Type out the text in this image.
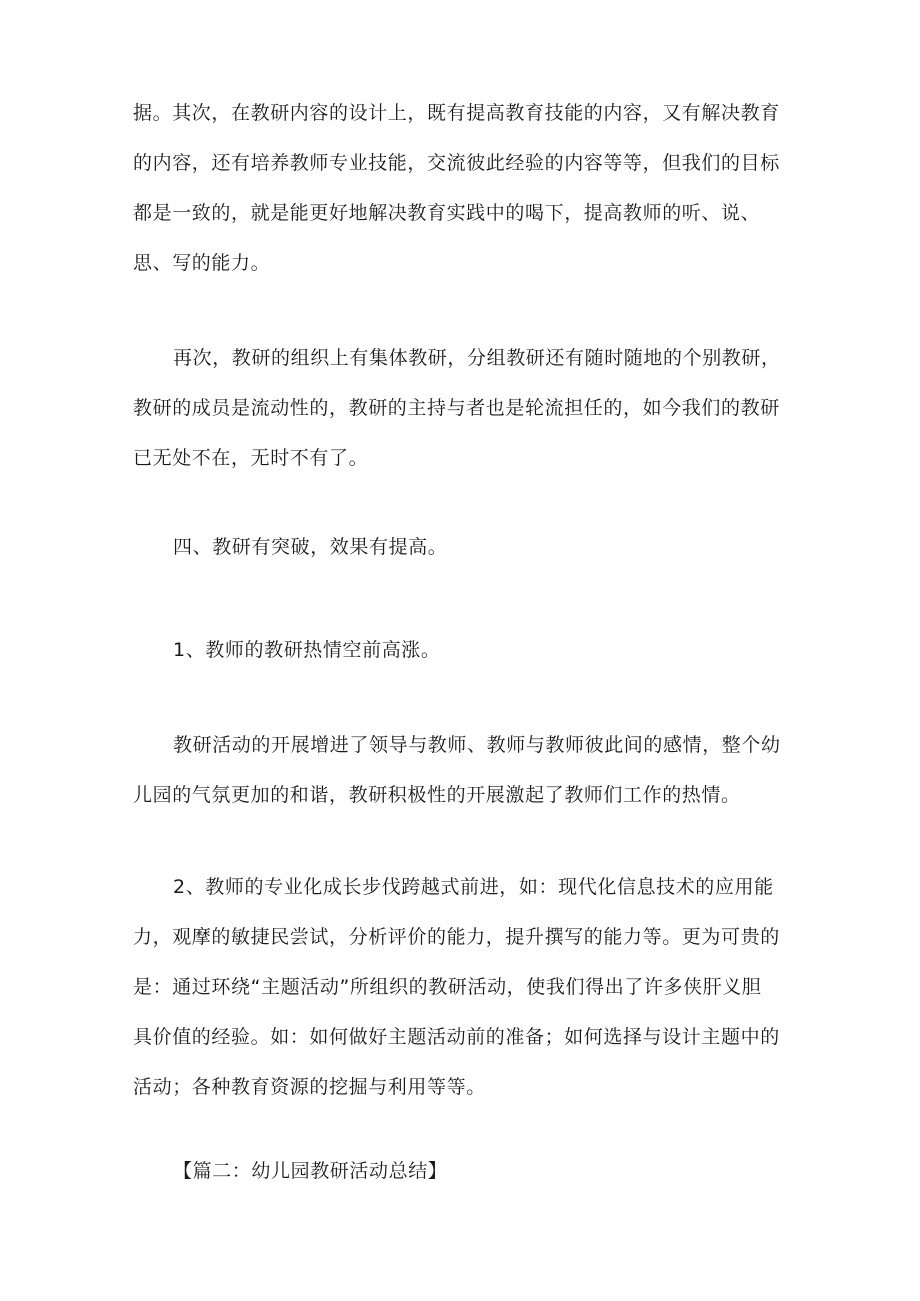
据。其次，在教研内容的设计上，既有提高教育技能的内容，又有解决教育
的内容，还有培养教师专业技能，交流彼此经验的内容等等，但我们的目标
都是一致的，就是能更好地解决教育实践中的喝下，提高教师的听、说、
思、写的能力。

再次，教研的组织上有集体教研，分组教研还有随时随地的个别教研，
教研的成员是流动性的，教研的主持与者也是轮流担任的，如今我们的教研
已无处不在，无时不有了。

四、教研有突破，效果有提高。

1、教师的教研热情空前高涨。

教研活动的开展增进了领导与教师、教师与教师彼此间的感情，整个幼
儿园的气氛更加的和谐，教研积极性的开展激起了教师们工作的热情。

2、教师的专业化成长步伐跨越式前进，如：现代化信息技术的应用能
力，观摩的敏捷民尝试，分析评价的能力，提升撰写的能力等。更为可贵的
是：通过环绕“主题活动”所组织的教研活动，使我们得出了许多侠肝义胆
具价值的经验。如：如何做好主题活动前的准备；如何选择与设计主题中的
活动；各种教育资源的挖掘与利用等等。

【篇二：幼儿园教研活动总结】
